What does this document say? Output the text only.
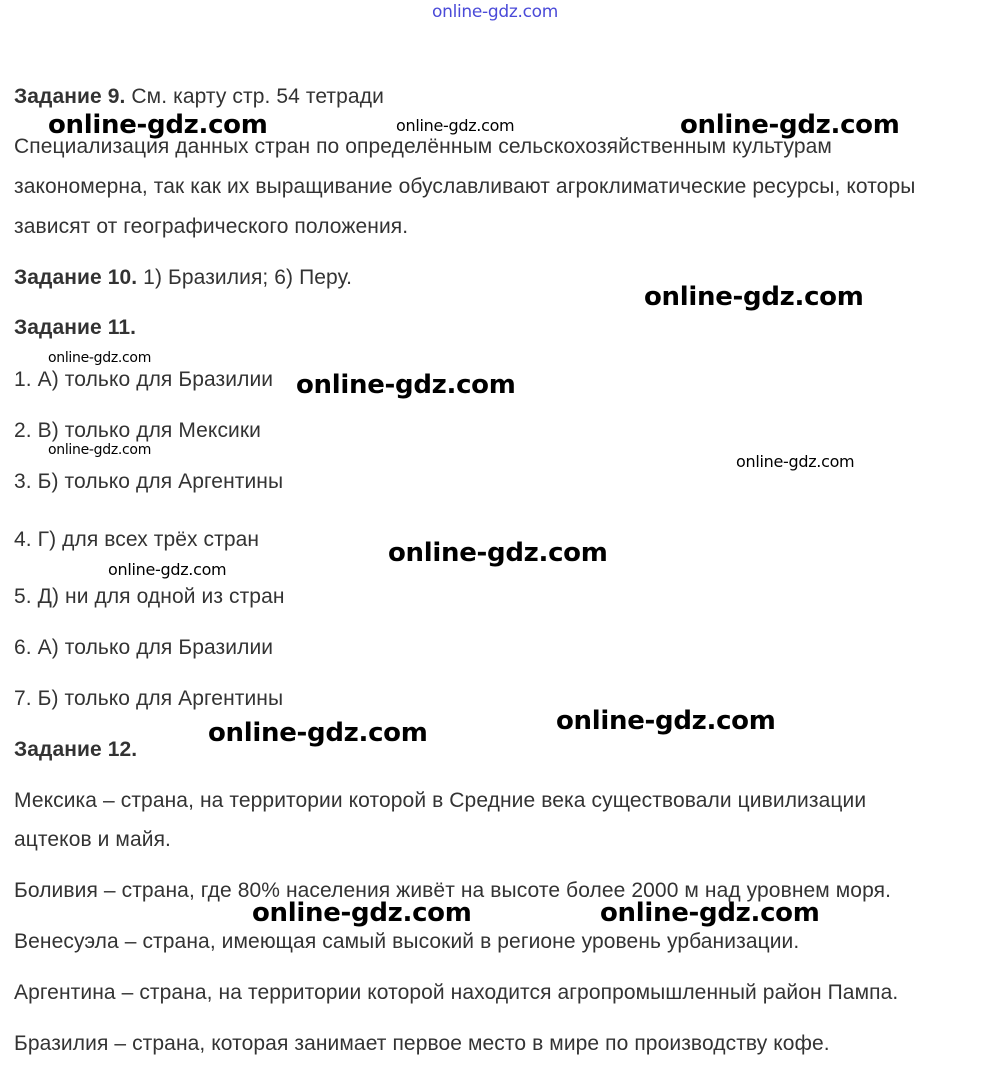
online-gdz.com
Задание 9. См. карту стр. 54 тетради
Специализация данных стран по определённым сельскохозяйственным культурам
закономерна, так как их выращивание обуславливают агроклиматические ресурсы, которы
зависят от географического положения.
Задание 10. 1) Бразилия; 6) Перу.
Задание 11.
1. А) только для Бразилии
2. В) только для Мексики
3. Б) только для Аргентины
4. Г) для всех трёх стран
5. Д) ни для одной из стран
6. А) только для Бразилии
7. Б) только для Аргентины
Задание 12.
Мексика – страна, на территории которой в Средние века существовали цивилизации
ацтеков и майя.
Боливия – страна, где 80% населения живёт на высоте более 2000 м над уровнем моря.
Венесуэла – страна, имеющая самый высокий в регионе уровень урбанизации.
Аргентина – страна, на территории которой находится агропромышленный район Пампа.
Бразилия – страна, которая занимает первое место в мире по производству кофе.
online-gdz.com	online-gdz.com	online-gdz.com
online-gdz.com
online-gdz.com
online-gdz.com
online-gdz.com
online-gdz.com
online-gdz.com
online-gdz.com
online-gdz.com
online-gdz.com
online-gdz.com	online-gdz.com
